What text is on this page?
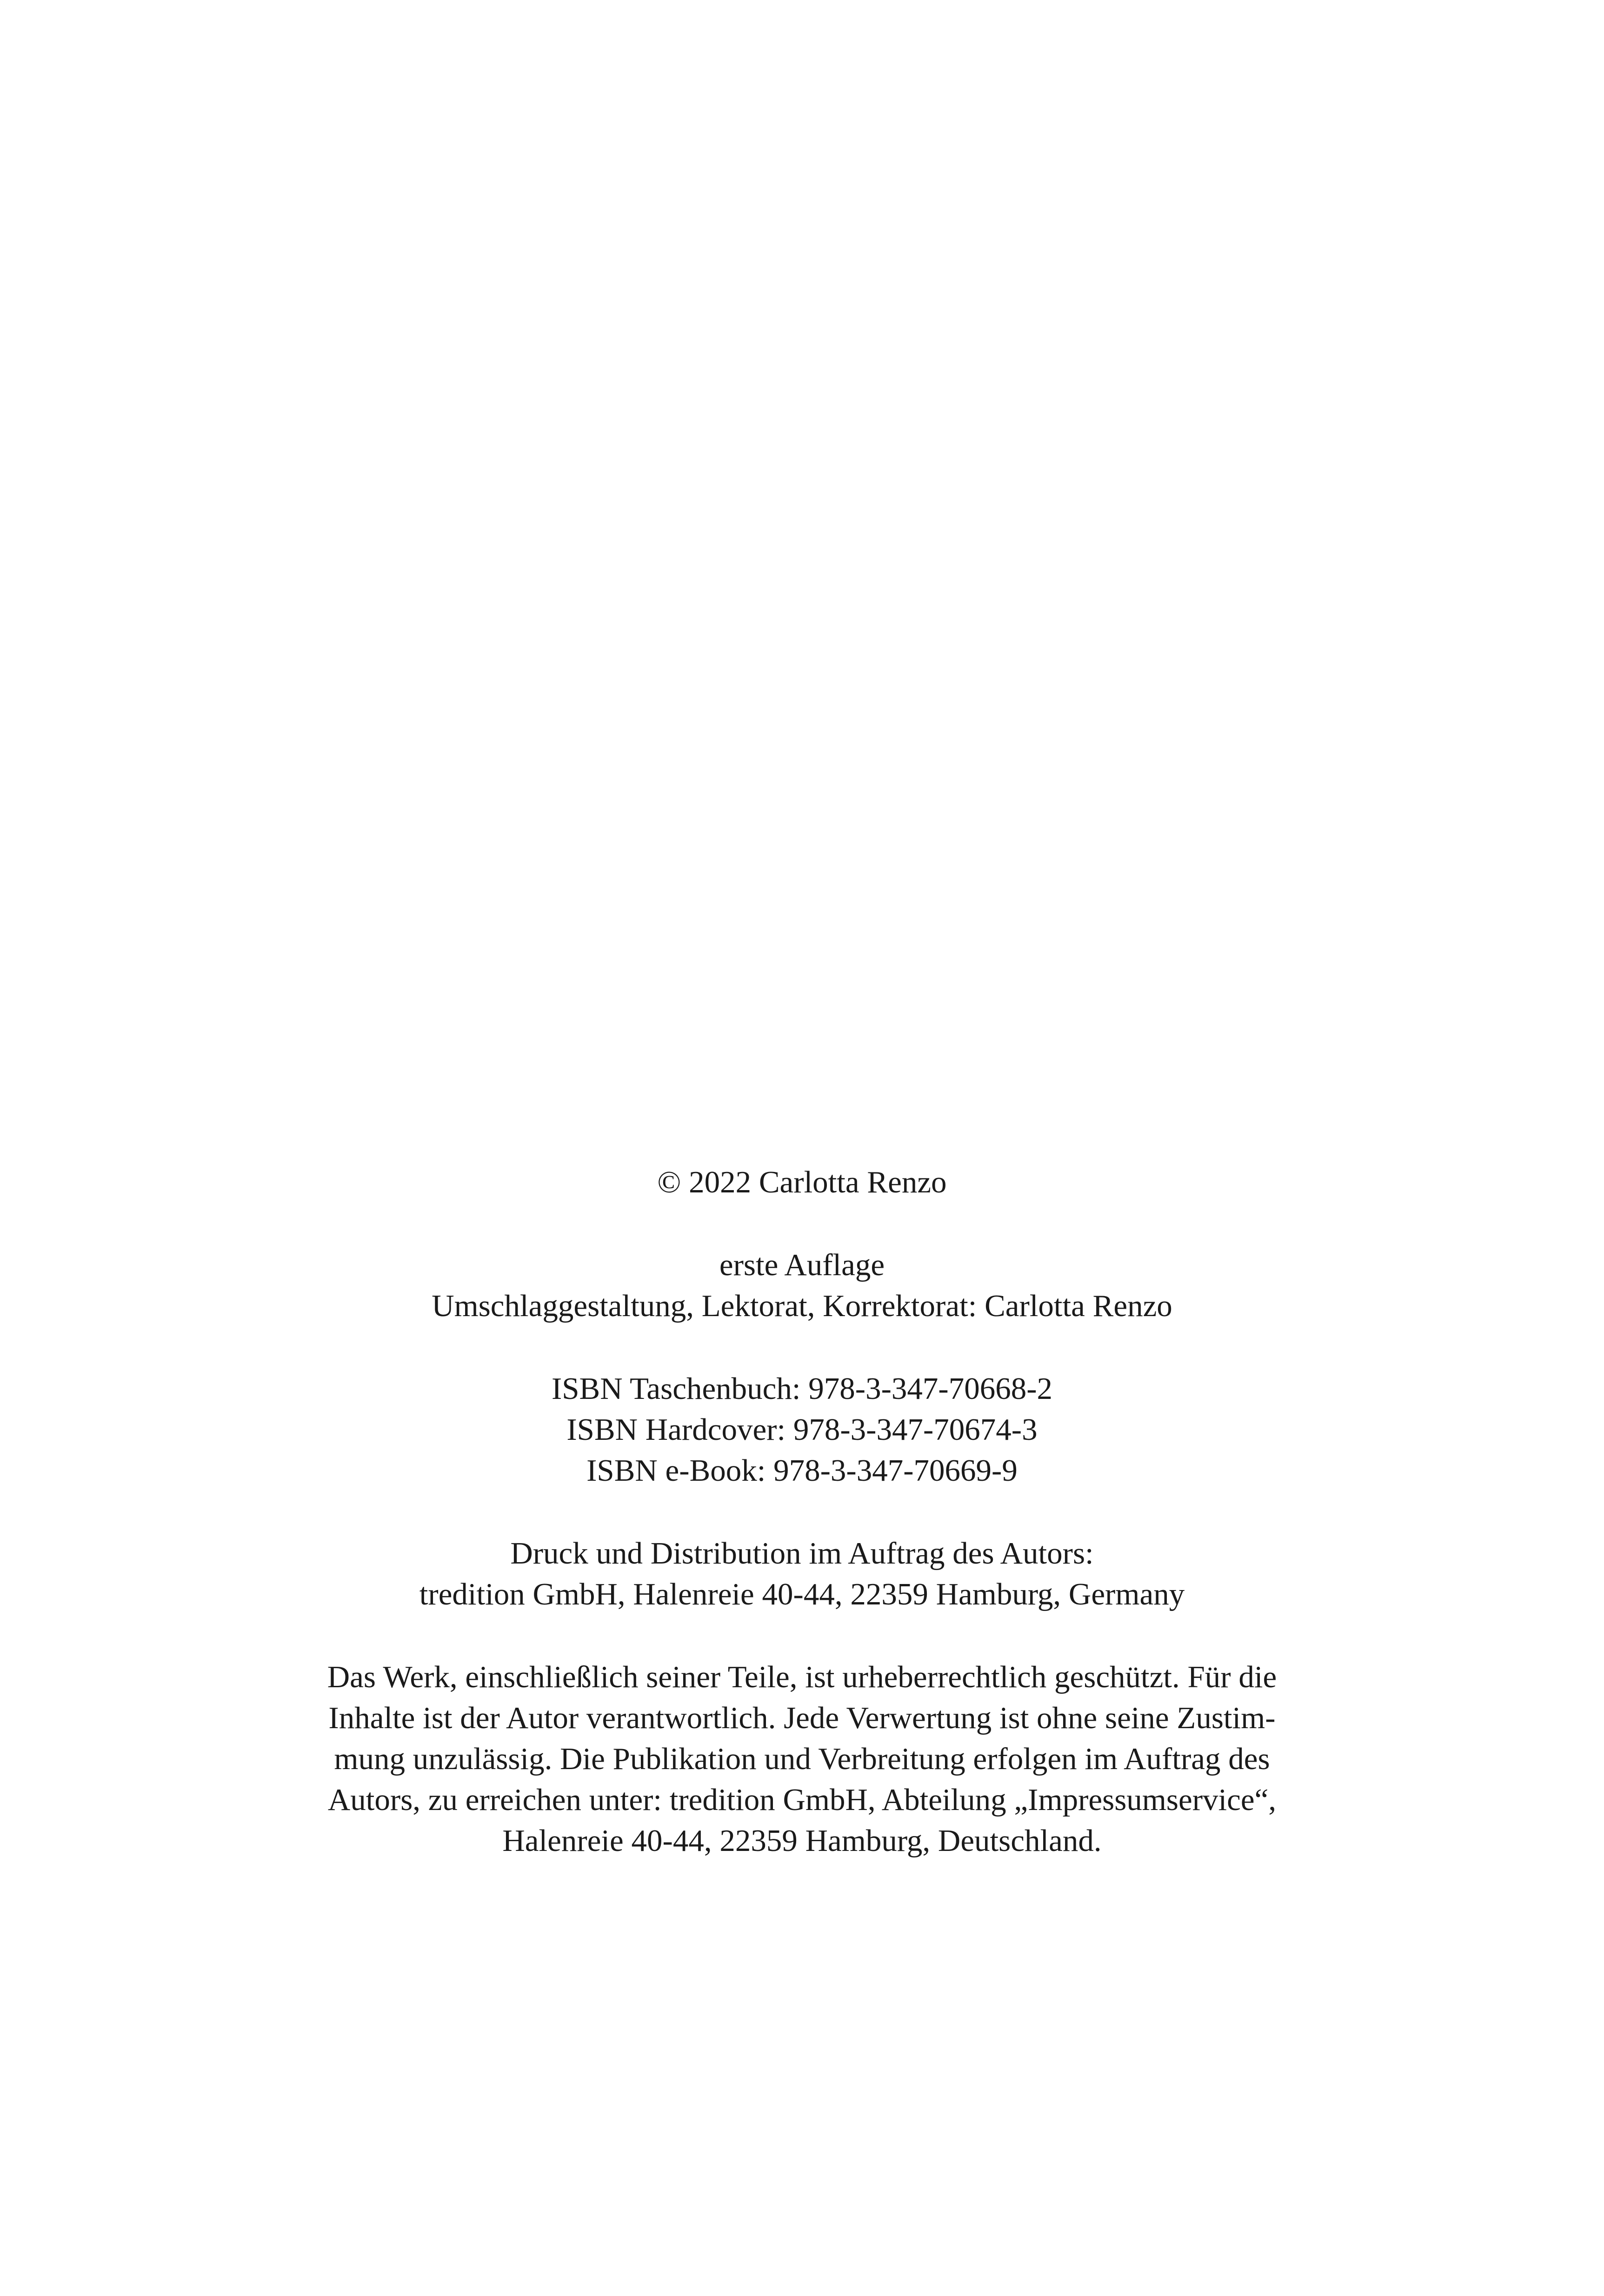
© 2022 Carlotta Renzo

erste Auflage
Umschlaggestaltung, Lektorat, Korrektorat: Carlotta Renzo

ISBN Taschenbuch: 978-3-347-70668-2
ISBN Hardcover: 978-3-347-70674-3
ISBN e-Book: 978-3-347-70669-9

Druck und Distribution im Auftrag des Autors:
tredition GmbH, Halenreie 40-44, 22359 Hamburg, Germany

Das Werk, einschließlich seiner Teile, ist urheberrechtlich geschützt. Für die
Inhalte ist der Autor verantwortlich. Jede Verwertung ist ohne seine Zustim-
mung unzulässig. Die Publikation und Verbreitung erfolgen im Auftrag des
Autors, zu erreichen unter: tredition GmbH, Abteilung „Impressumservice“,
Halenreie 40-44, 22359 Hamburg, Deutschland.
